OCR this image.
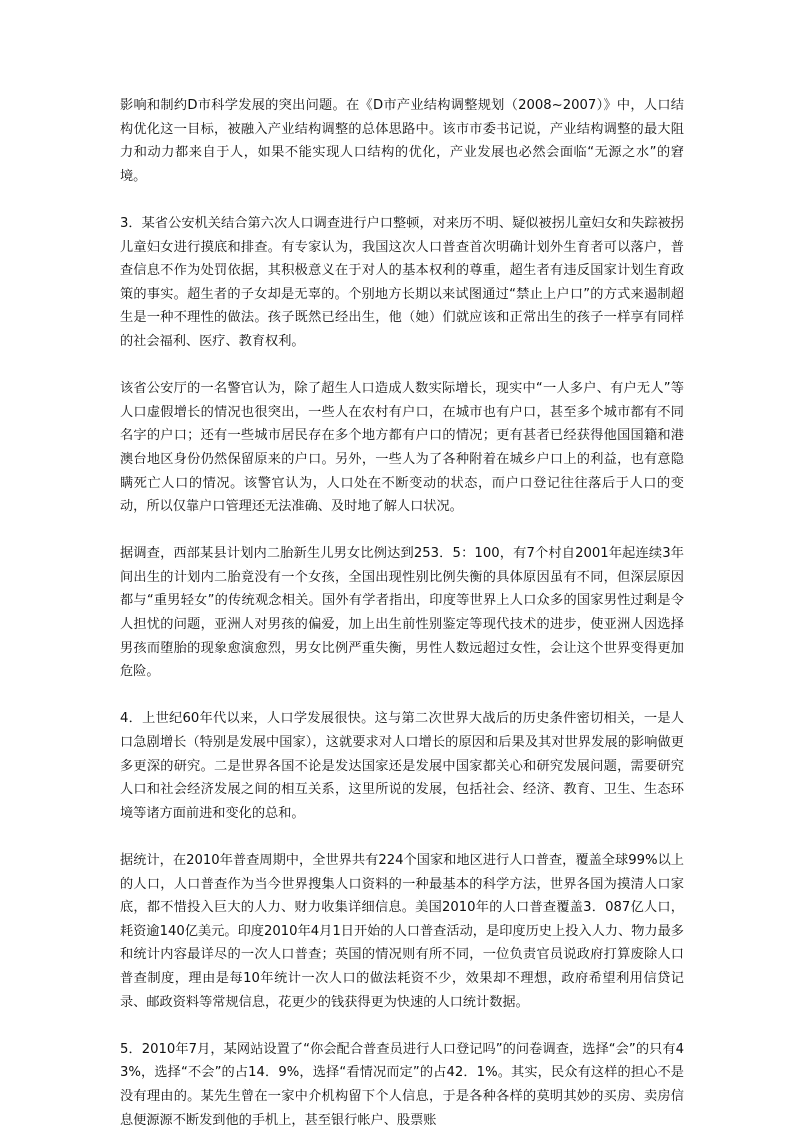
影响和制约D市科学发展的突出问题。在《D市产业结构调整规划（2008~2007）》中，人口结构优化这一目标，被融入产业结构调整的总体思路中。该市市委书记说，产业结构调整的最大阻力和动力都来自于人，如果不能实现人口结构的优化，产业发展也必然会面临“无源之水”的窘境。

3．某省公安机关结合第六次人口调查进行户口整顿，对来历不明、疑似被拐儿童妇女和失踪被拐儿童妇女进行摸底和排查。有专家认为，我国这次人口普查首次明确计划外生育者可以落户，普查信息不作为处罚依据，其积极意义在于对人的基本权利的尊重，超生者有违反国家计划生育政策的事实。超生者的子女却是无辜的。个别地方长期以来试图通过“禁止上户口”的方式来遏制超生是一种不理性的做法。孩子既然已经出生，他（她）们就应该和正常出生的孩子一样享有同样的社会福利、医疗、教育权利。

该省公安厅的一名警官认为，除了超生人口造成人数实际增长，现实中“一人多户、有户无人”等人口虚假增长的情况也很突出，一些人在农村有户口，在城市也有户口，甚至多个城市都有不同名字的户口；还有一些城市居民存在多个地方都有户口的情况；更有甚者已经获得他国国籍和港澳台地区身份仍然保留原来的户口。另外，一些人为了各种附着在城乡户口上的利益，也有意隐瞒死亡人口的情况。该警官认为，人口处在不断变动的状态，而户口登记往往落后于人口的变动，所以仅靠户口管理还无法准确、及时地了解人口状况。

据调查，西部某县计划内二胎新生儿男女比例达到253．5：100，有7个村自2001年起连续3年间出生的计划内二胎竟没有一个女孩，全国出现性别比例失衡的具体原因虽有不同，但深层原因都与“重男轻女”的传统观念相关。国外有学者指出，印度等世界上人口众多的国家男性过剩是令人担忧的问题，亚洲人对男孩的偏爱，加上出生前性别鉴定等现代技术的进步，使亚洲人因选择男孩而堕胎的现象愈演愈烈，男女比例严重失衡，男性人数远超过女性，会让这个世界变得更加危险。

4．上世纪60年代以来，人口学发展很快。这与第二次世界大战后的历史条件密切相关，一是人口急剧增长（特别是发展中国家），这就要求对人口增长的原因和后果及其对世界发展的影响做更多更深的研究。二是世界各国不论是发达国家还是发展中国家都关心和研究发展问题，需要研究人口和社会经济发展之间的相互关系，这里所说的发展，包括社会、经济、教育、卫生、生态环境等诸方面前进和变化的总和。

据统计，在2010年普查周期中，全世界共有224个国家和地区进行人口普查，覆盖全球99%以上的人口，人口普查作为当今世界搜集人口资料的一种最基本的科学方法，世界各国为摸清人口家底，都不惜投入巨大的人力、财力收集详细信息。美国2010年的人口普查覆盖3．087亿人口，耗资逾140亿美元。印度2010年4月1日开始的人口普查活动，是印度历史上投入人力、物力最多和统计内容最详尽的一次人口普查；英国的情况则有所不同，一位负责官员说政府打算废除人口普查制度，理由是每10年统计一次人口的做法耗资不少，效果却不理想，政府希望利用信贷记录、邮政资料等常规信息，花更少的钱获得更为快速的人口统计数据。

5．2010年7月，某网站设置了“你会配合普查员进行人口登记吗”的问卷调查，选择“会”的只有43%，选择“不会”的占14．9%，选择“看情况而定”的占42．1%。其实，民众有这样的担心不是没有理由的。某先生曾在一家中介机构留下个人信息，于是各种各样的莫明其妙的买房、卖房信息便源源不断发到他的手机上，甚至银行帐户、股票账
